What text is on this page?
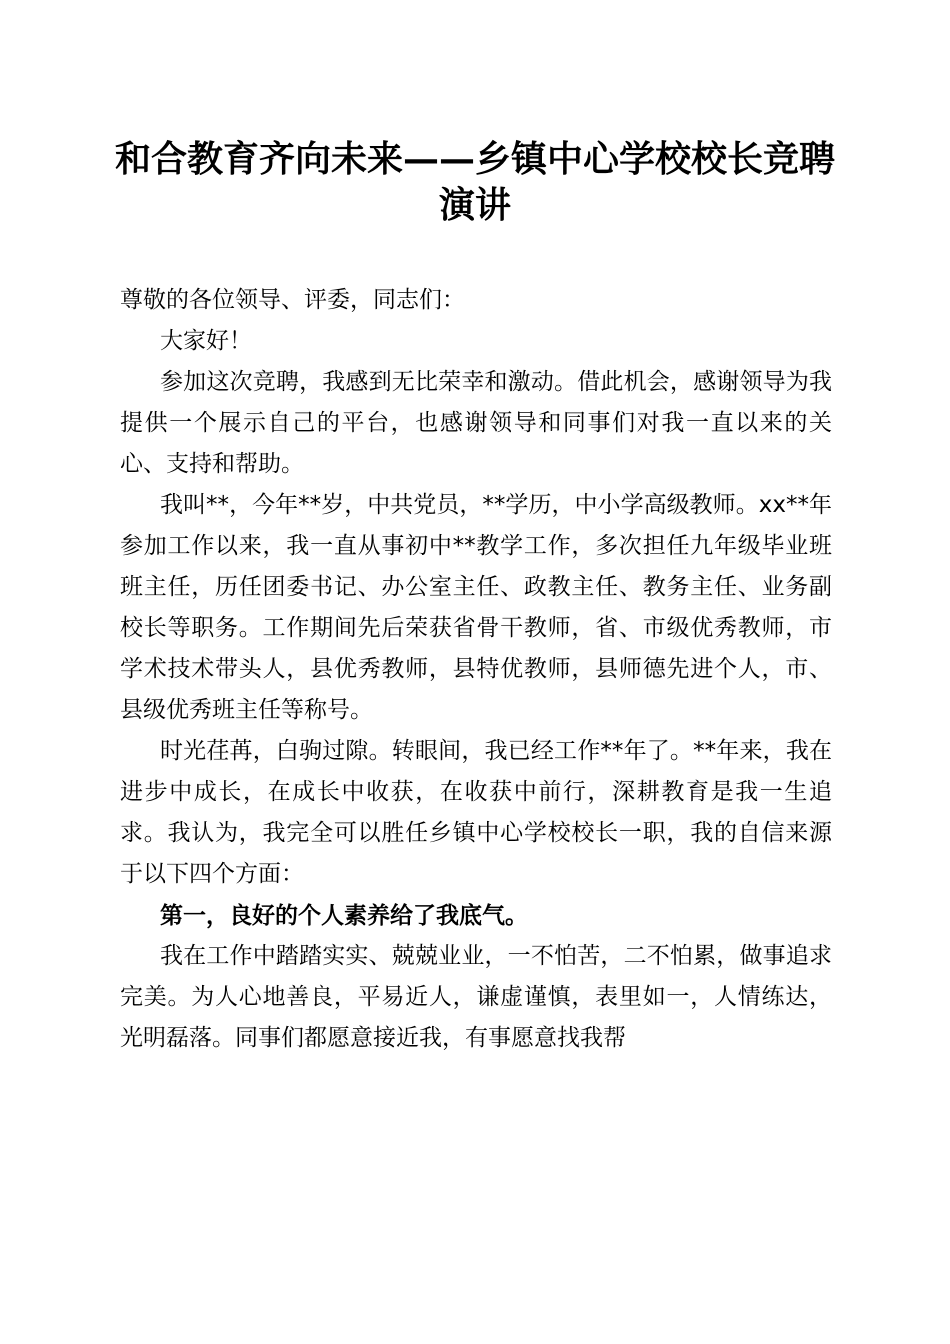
和合教育齐向未来——乡镇中心学校校长竞聘演讲

尊敬的各位领导、评委，同志们：

大家好！

参加这次竞聘，我感到无比荣幸和激动。借此机会，感谢领导为我提供一个展示自己的平台，也感谢领导和同事们对我一直以来的关心、支持和帮助。

我叫**，今年**岁，中共党员，**学历，中小学高级教师。xx**年参加工作以来，我一直从事初中**教学工作，多次担任九年级毕业班班主任，历任团委书记、办公室主任、政教主任、教务主任、业务副校长等职务。工作期间先后荣获省骨干教师，省、市级优秀教师，市学术技术带头人，县优秀教师，县特优教师，县师德先进个人，市、县级优秀班主任等称号。

时光荏苒，白驹过隙。转眼间，我已经工作**年了。**年来，我在进步中成长，在成长中收获，在收获中前行，深耕教育是我一生追求。我认为，我完全可以胜任乡镇中心学校校长一职，我的自信来源于以下四个方面：

第一，良好的个人素养给了我底气。

我在工作中踏踏实实、兢兢业业，一不怕苦，二不怕累，做事追求完美。为人心地善良，平易近人，谦虚谨慎，表里如一，人情练达，光明磊落。同事们都愿意接近我，有事愿意找我帮
